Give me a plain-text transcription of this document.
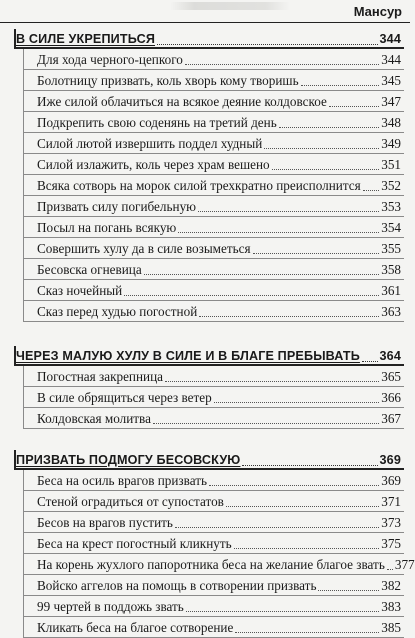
Мансур
В СИЛЕ УКРЕПИТЬСЯ	344
Для хода черного-цепкого	344
Болотницу призвать, коль хворь кому творишь	345
Иже силой облачиться на всякое деяние колдовское	347
Подкрепить свою соденянь на третий день	348
Силой лютой извершить поддел худный	349
Силой излажить, коль через храм вешено	351
Всяка сотворь на морок силой трехкратно преисполнится 352
Призвать силу погибельную	353
Посыл на погань всякую	354
Совершить хулу да в силе возыметься	355
Бесовска огневица	358
Сказ ночейный	361
Сказ перед худью погостной	363
ЧЕРЕЗ МАЛУЮ ХУЛУ В СИЛЕ И В БЛАГЕ ПРЕБЫВАТЬ 364
Погостная закрепница	365
В силе обрящиться через ветер	366
Колдовская молитва	367
ПРИЗВАТЬ ПОДМОГУ БЕСОВСКУЮ	369
Беса на осиль врагов призвать	369
Стеной оградиться от супостатов	371
Бесов на врагов пустить	373
Беса на крест погостный кликнуть	375
На корень жухлого папоротника беса на желание благое звать 377
Войско аггелов на помощь в сотворении призвать	382
99 чертей в поддожь звать	383
Кликать беса на благое сотворение	385
